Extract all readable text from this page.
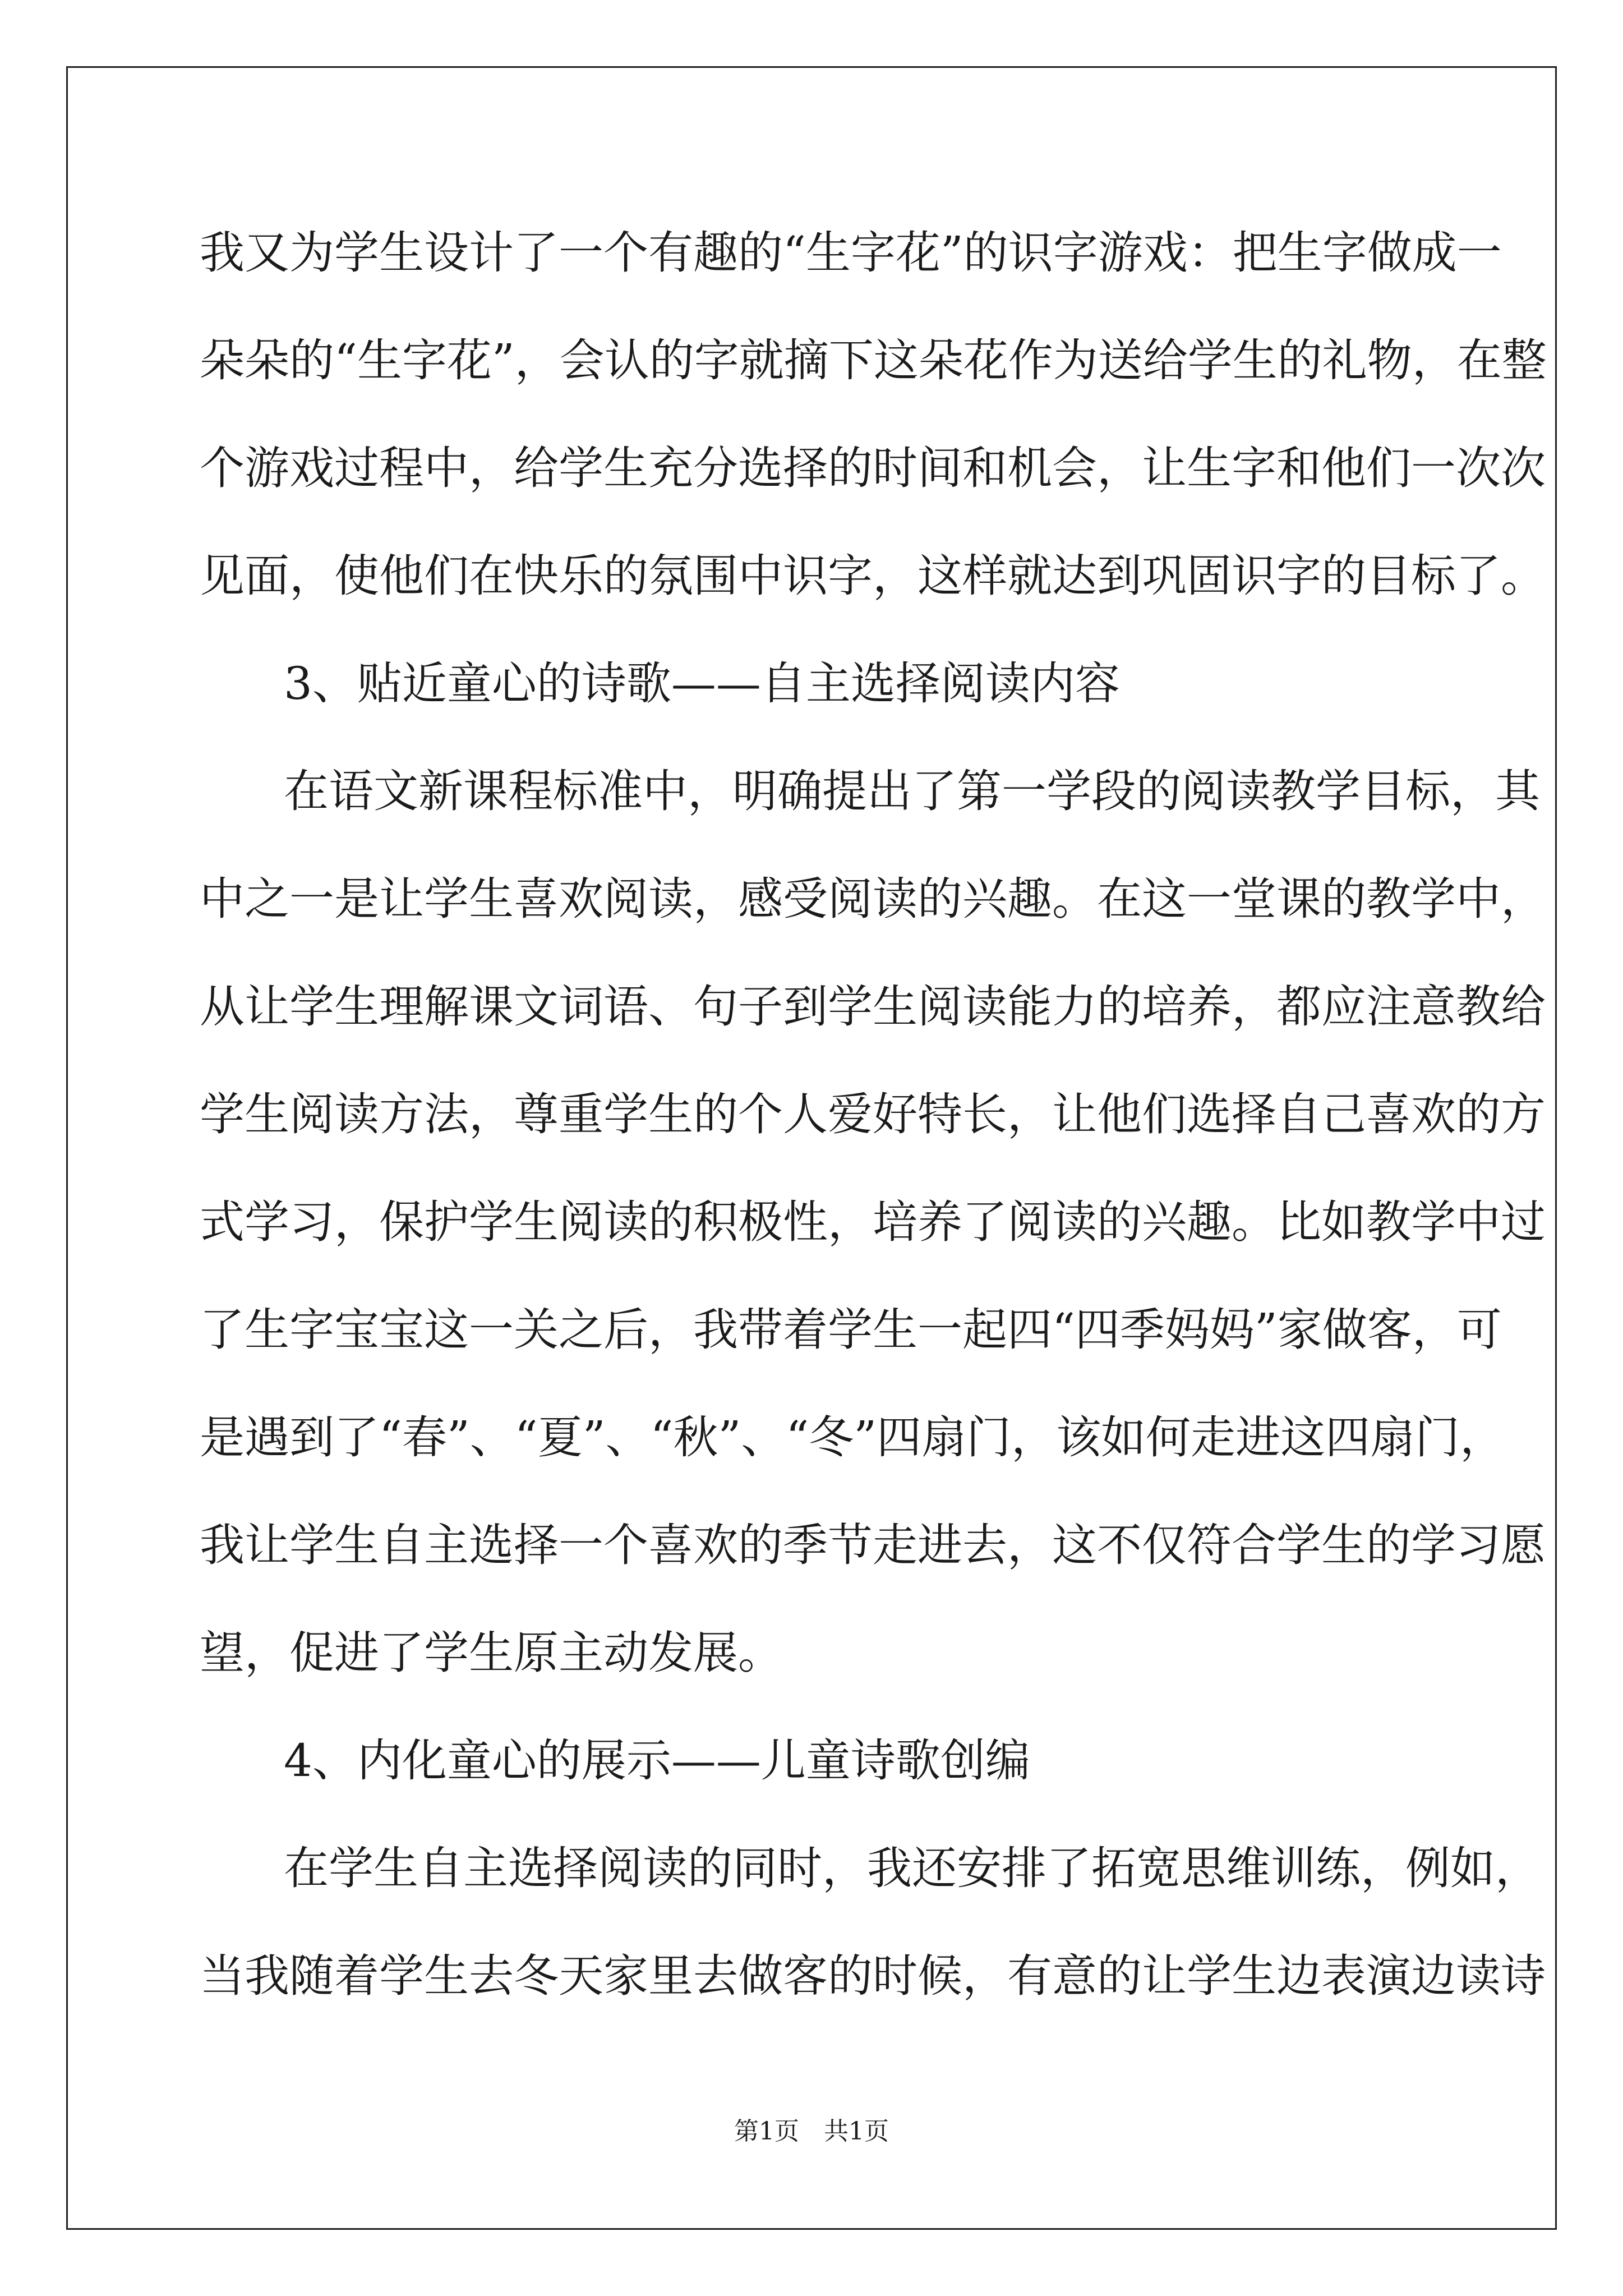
我又为学生设计了一个有趣的“生字花”的识字游戏：把生字做成一
朵朵的“生字花”，会认的字就摘下这朵花作为送给学生的礼物，在整
个游戏过程中，给学生充分选择的时间和机会，让生字和他们一次次
见面，使他们在快乐的氛围中识字，这样就达到巩固识字的目标了。
3、贴近童心的诗歌——自主选择阅读内容
在语文新课程标准中，明确提出了第一学段的阅读教学目标，其
中之一是让学生喜欢阅读，感受阅读的兴趣。在这一堂课的教学中，
从让学生理解课文词语、句子到学生阅读能力的培养，都应注意教给
学生阅读方法，尊重学生的个人爱好特长，让他们选择自己喜欢的方
式学习，保护学生阅读的积极性，培养了阅读的兴趣。比如教学中过
了生字宝宝这一关之后，我带着学生一起四“四季妈妈”家做客，可
是遇到了“春”、“夏”、“秋”、“冬”四扇门，该如何走进这四扇门，
我让学生自主选择一个喜欢的季节走进去，这不仅符合学生的学习愿
望，促进了学生原主动发展。
4、内化童心的展示——儿童诗歌创编
在学生自主选择阅读的同时，我还安排了拓宽思维训练，例如，
当我随着学生去冬天家里去做客的时候，有意的让学生边表演边读诗
第1页　共1页
